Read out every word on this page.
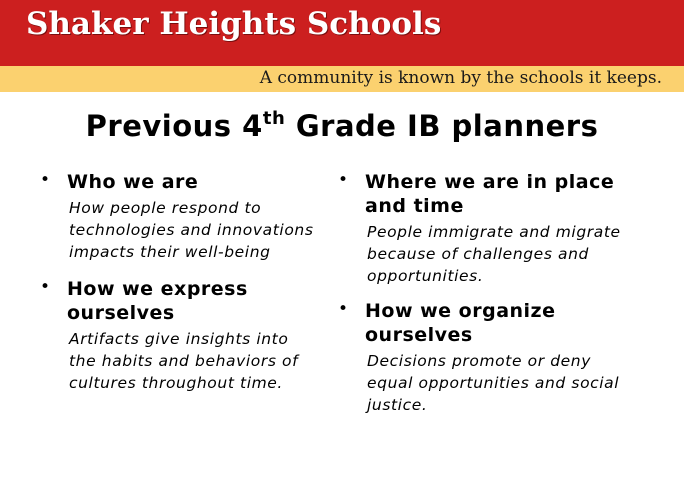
Shaker Heights Schools
A community is known by the schools it keeps.
Previous 4th Grade IB planners
• Who we are
How people respond to technologies and innovations impacts their well-being
• How we express ourselves
Artifacts give insights into the habits and behaviors of cultures throughout time.
• Where we are in place and time
People immigrate and migrate because of challenges and opportunities.
• How we organize ourselves
Decisions promote or deny equal opportunities and social justice.
